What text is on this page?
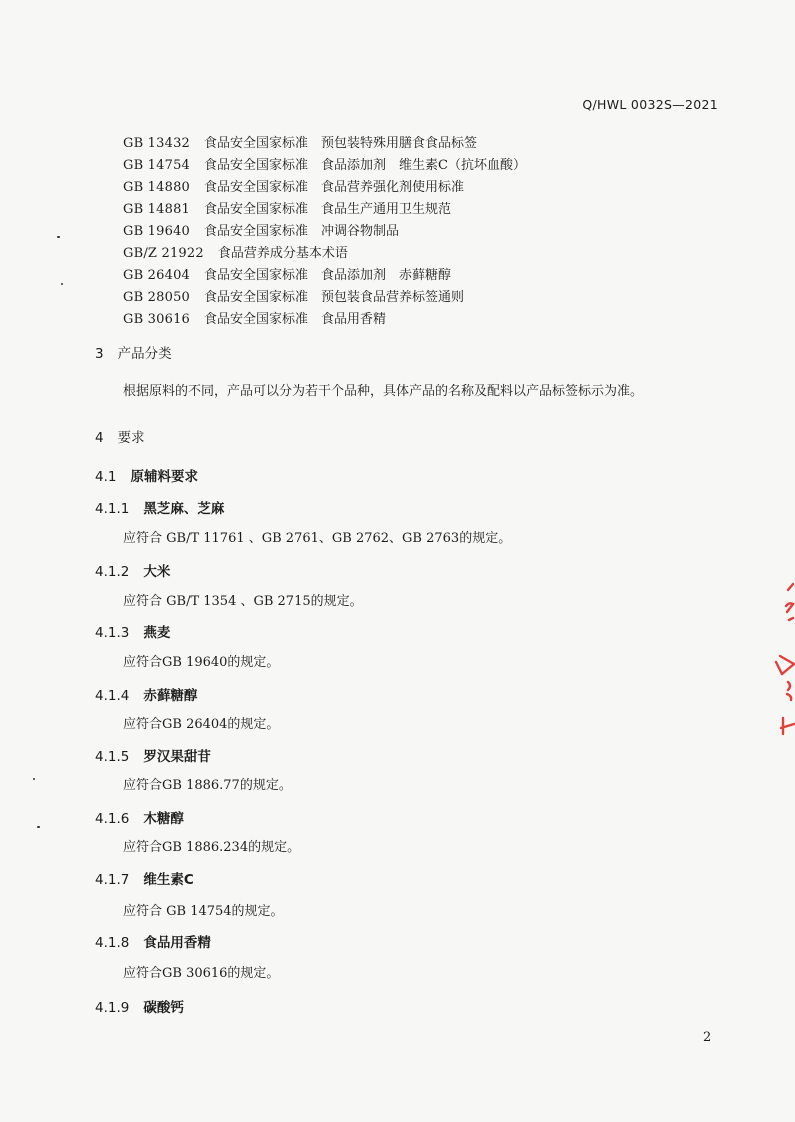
Q/HWL 0032S—2021
GB 13432 食品安全国家标准　预包装特殊用膳食食品标签
GB 14754 食品安全国家标准　食品添加剂　维生素C（抗坏血酸）
GB 14880 食品安全国家标准　食品营养强化剂使用标准
GB 14881 食品安全国家标准　食品生产通用卫生规范
GB 19640 食品安全国家标准　冲调谷物制品
GB/Z 21922 食品营养成分基本术语
GB 26404 食品安全国家标准　食品添加剂　赤藓糖醇
GB 28050 食品安全国家标准　预包装食品营养标签通则
GB 30616 食品安全国家标准　食品用香精
3 产品分类
根据原料的不同，产品可以分为若干个品种，具体产品的名称及配料以产品标签标示为准。
4 要求
4.1 原辅料要求
4.1.1 黑芝麻、芝麻
应符合 GB/T 11761 、GB 2761、GB 2762、GB 2763的规定。
4.1.2 大米
应符合 GB/T 1354 、GB 2715的规定。
4.1.3 燕麦
应符合GB 19640的规定。
4.1.4 赤藓糖醇
应符合GB 26404的规定。
4.1.5 罗汉果甜苷
应符合GB 1886.77的规定。
4.1.6 木糖醇
应符合GB 1886.234的规定。
4.1.7 维生素C
应符合 GB 14754的规定。
4.1.8 食品用香精
应符合GB 30616的规定。
4.1.9 碳酸钙
2
